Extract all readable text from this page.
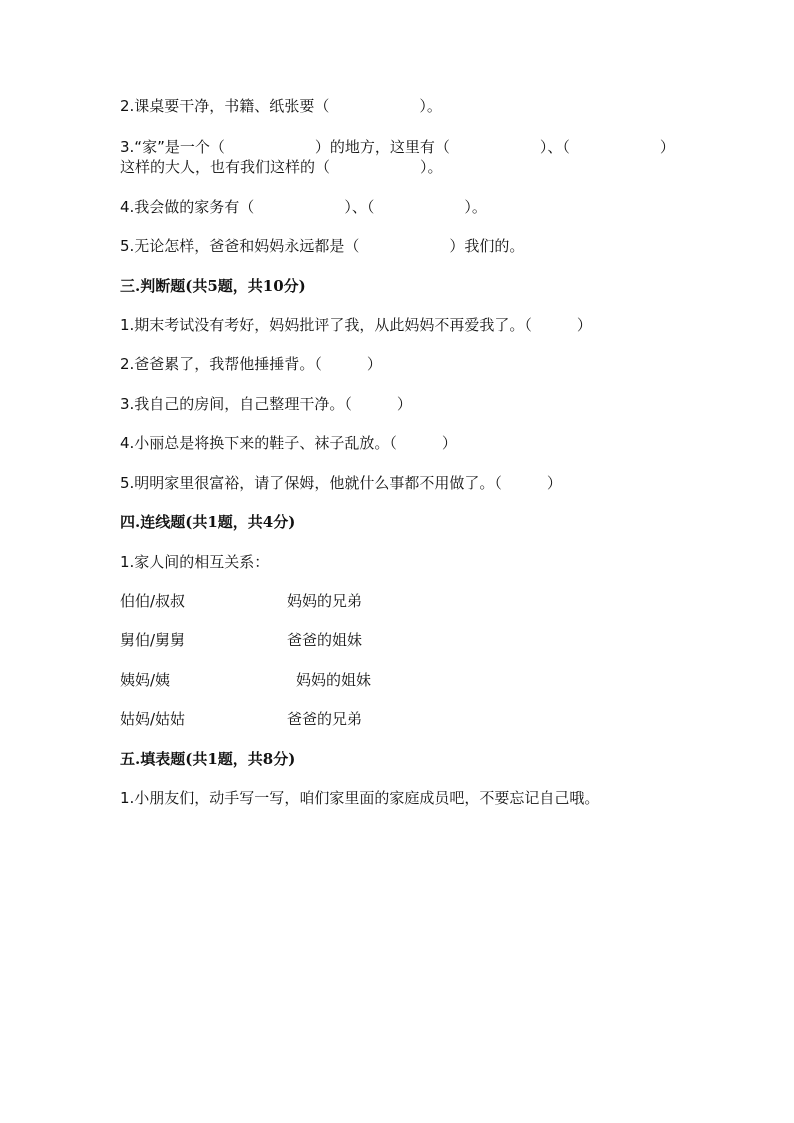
2.课桌要干净，书籍、纸张要（　　　　　　）。
3.“家”是一个（　　　　　　）的地方，这里有（　　　　　　）、（　　　　　　）
这样的大人，也有我们这样的（　　　　　　）。
4.我会做的家务有（　　　　　　）、（　　　　　　）。
5.无论怎样，爸爸和妈妈永远都是（　　　　　　）我们的。
三.判断题(共5题，共10分)
1.期末考试没有考好，妈妈批评了我，从此妈妈不再爱我了。（　　　）
2.爸爸累了，我帮他捶捶背。（　　　）
3.我自己的房间，自己整理干净。（　　　）
4.小丽总是将换下来的鞋子、袜子乱放。（　　　）
5.明明家里很富裕，请了保姆，他就什么事都不用做了。（　　　）
四.连线题(共1题，共4分)
1.家人间的相互关系：
伯伯/叔叔	妈妈的兄弟
舅伯/舅舅	爸爸的姐妹
姨妈/姨	妈妈的姐妹
姑妈/姑姑	爸爸的兄弟
五.填表题(共1题，共8分)
1.小朋友们，动手写一写，咱们家里面的家庭成员吧，不要忘记自己哦。
